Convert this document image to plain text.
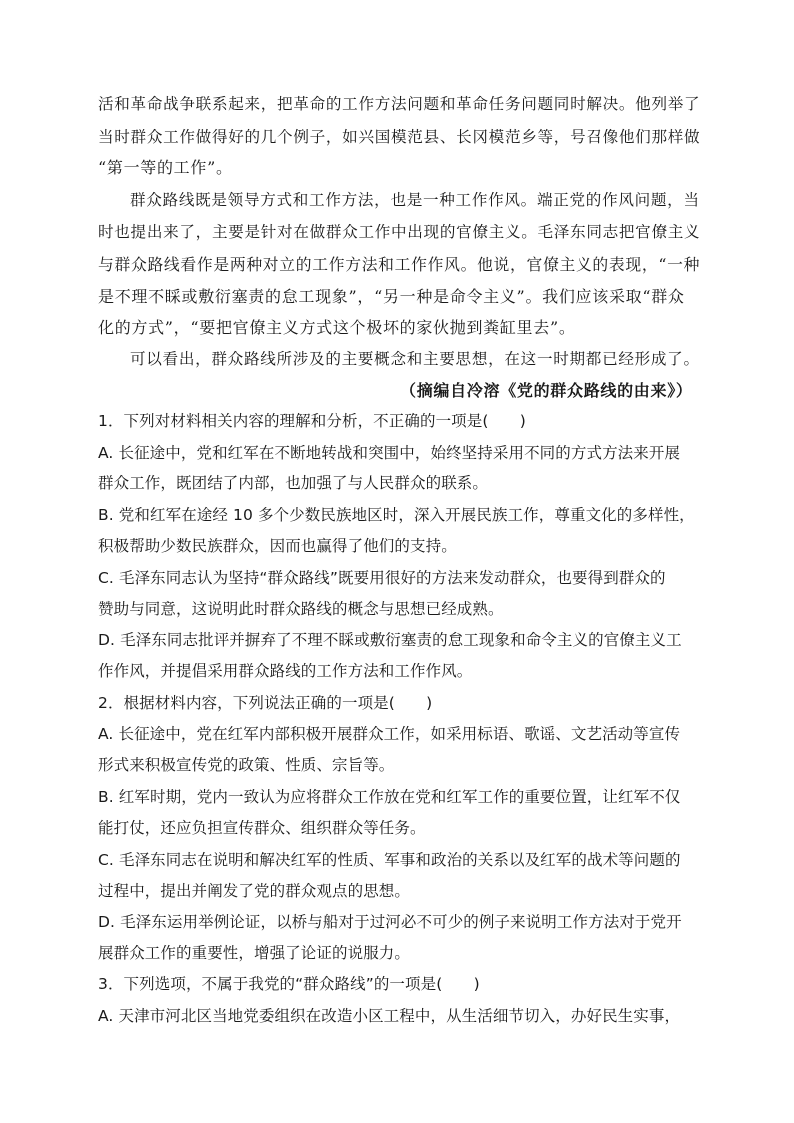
活和革命战争联系起来，把革命的工作方法问题和革命任务问题同时解决。他列举了
当时群众工作做得好的几个例子，如兴国模范县、长冈模范乡等，号召像他们那样做
“第一等的工作”。
群众路线既是领导方式和工作方法，也是一种工作作风。端正党的作风问题，当
时也提出来了，主要是针对在做群众工作中出现的官僚主义。毛泽东同志把官僚主义
与群众路线看作是两种对立的工作方法和工作作风。他说，官僚主义的表现，“一种
是不理不睬或敷衍塞责的怠工现象”，“另一种是命令主义”。我们应该采取“群众
化的方式”，“要把官僚主义方式这个极坏的家伙抛到粪缸里去”。
可以看出，群众路线所涉及的主要概念和主要思想，在这一时期都已经形成了。
（摘编自冷溶《党的群众路线的由来》）
1．下列对材料相关内容的理解和分析，不正确的一项是(　　)
A. 长征途中，党和红军在不断地转战和突围中，始终坚持采用不同的方式方法来开展
群众工作，既团结了内部，也加强了与人民群众的联系。
B. 党和红军在途经 10 多个少数民族地区时，深入开展民族工作，尊重文化的多样性，
积极帮助少数民族群众，因而也赢得了他们的支持。
C. 毛泽东同志认为坚持“群众路线”既要用很好的方法来发动群众，也要得到群众的
赞助与同意，这说明此时群众路线的概念与思想已经成熟。
D. 毛泽东同志批评并摒弃了不理不睬或敷衍塞责的怠工现象和命令主义的官僚主义工
作作风，并提倡采用群众路线的工作方法和工作作风。
2．根据材料内容，下列说法正确的一项是(　　)
A. 长征途中，党在红军内部积极开展群众工作，如采用标语、歌谣、文艺活动等宣传
形式来积极宣传党的政策、性质、宗旨等。
B. 红军时期，党内一致认为应将群众工作放在党和红军工作的重要位置，让红军不仅
能打仗，还应负担宣传群众、组织群众等任务。
C. 毛泽东同志在说明和解决红军的性质、军事和政治的关系以及红军的战术等问题的
过程中，提出并阐发了党的群众观点的思想。
D. 毛泽东运用举例论证，以桥与船对于过河必不可少的例子来说明工作方法对于党开
展群众工作的重要性，增强了论证的说服力。
3．下列选项，不属于我党的“群众路线”的一项是(　　)
A. 天津市河北区当地党委组织在改造小区工程中，从生活细节切入，办好民生实事，
